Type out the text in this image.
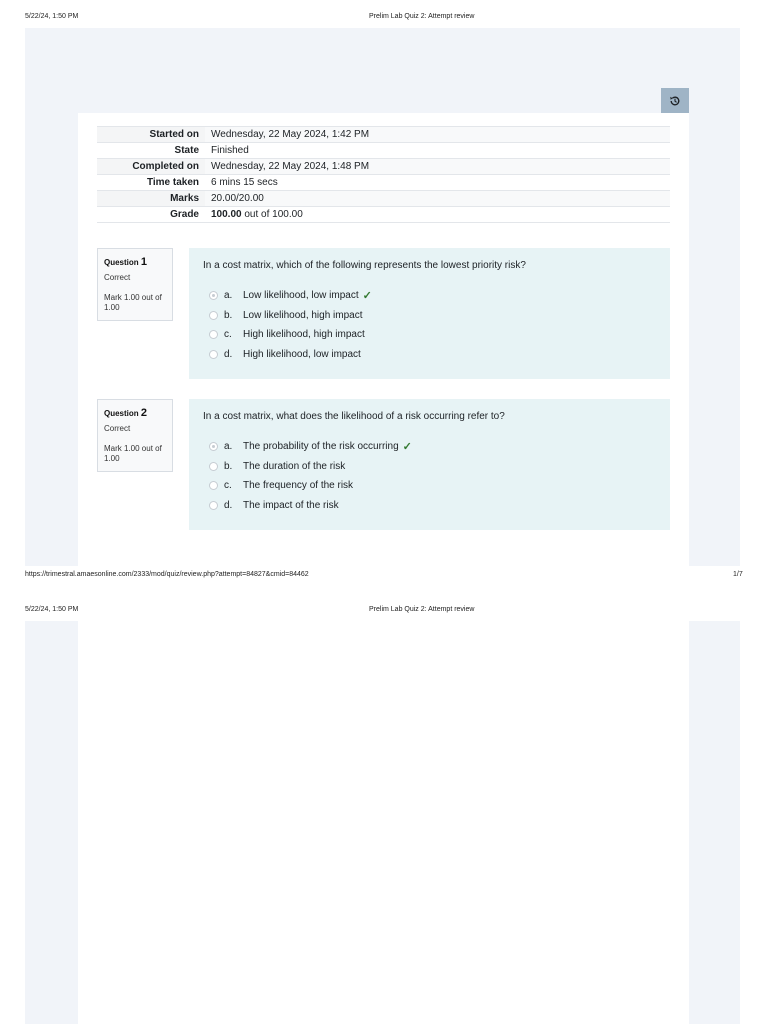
5/22/24, 1:50 PM	Prelim Lab Quiz 2: Attempt review
Started on	Wednesday, 22 May 2024, 1:42 PM
State	Finished
Completed on	Wednesday, 22 May 2024, 1:48 PM
Time taken	6 mins 15 secs
Marks	20.00/20.00
Grade	100.00 out of 100.00
Question 1
Correct
Mark 1.00 out of 1.00
In a cost matrix, which of the following represents the lowest priority risk?
a.	Low likelihood, low impact ✓
b.	Low likelihood, high impact
c.	High likelihood, high impact
d.	High likelihood, low impact
Question 2
Correct
Mark 1.00 out of 1.00
In a cost matrix, what does the likelihood of a risk occurring refer to?
a.	The probability of the risk occurring ✓
b.	The duration of the risk
c.	The frequency of the risk
d.	The impact of the risk
https://trimestral.amaesonline.com/2333/mod/quiz/review.php?attempt=84827&cmid=84462	1/7
5/22/24, 1:50 PM	Prelim Lab Quiz 2: Attempt review
